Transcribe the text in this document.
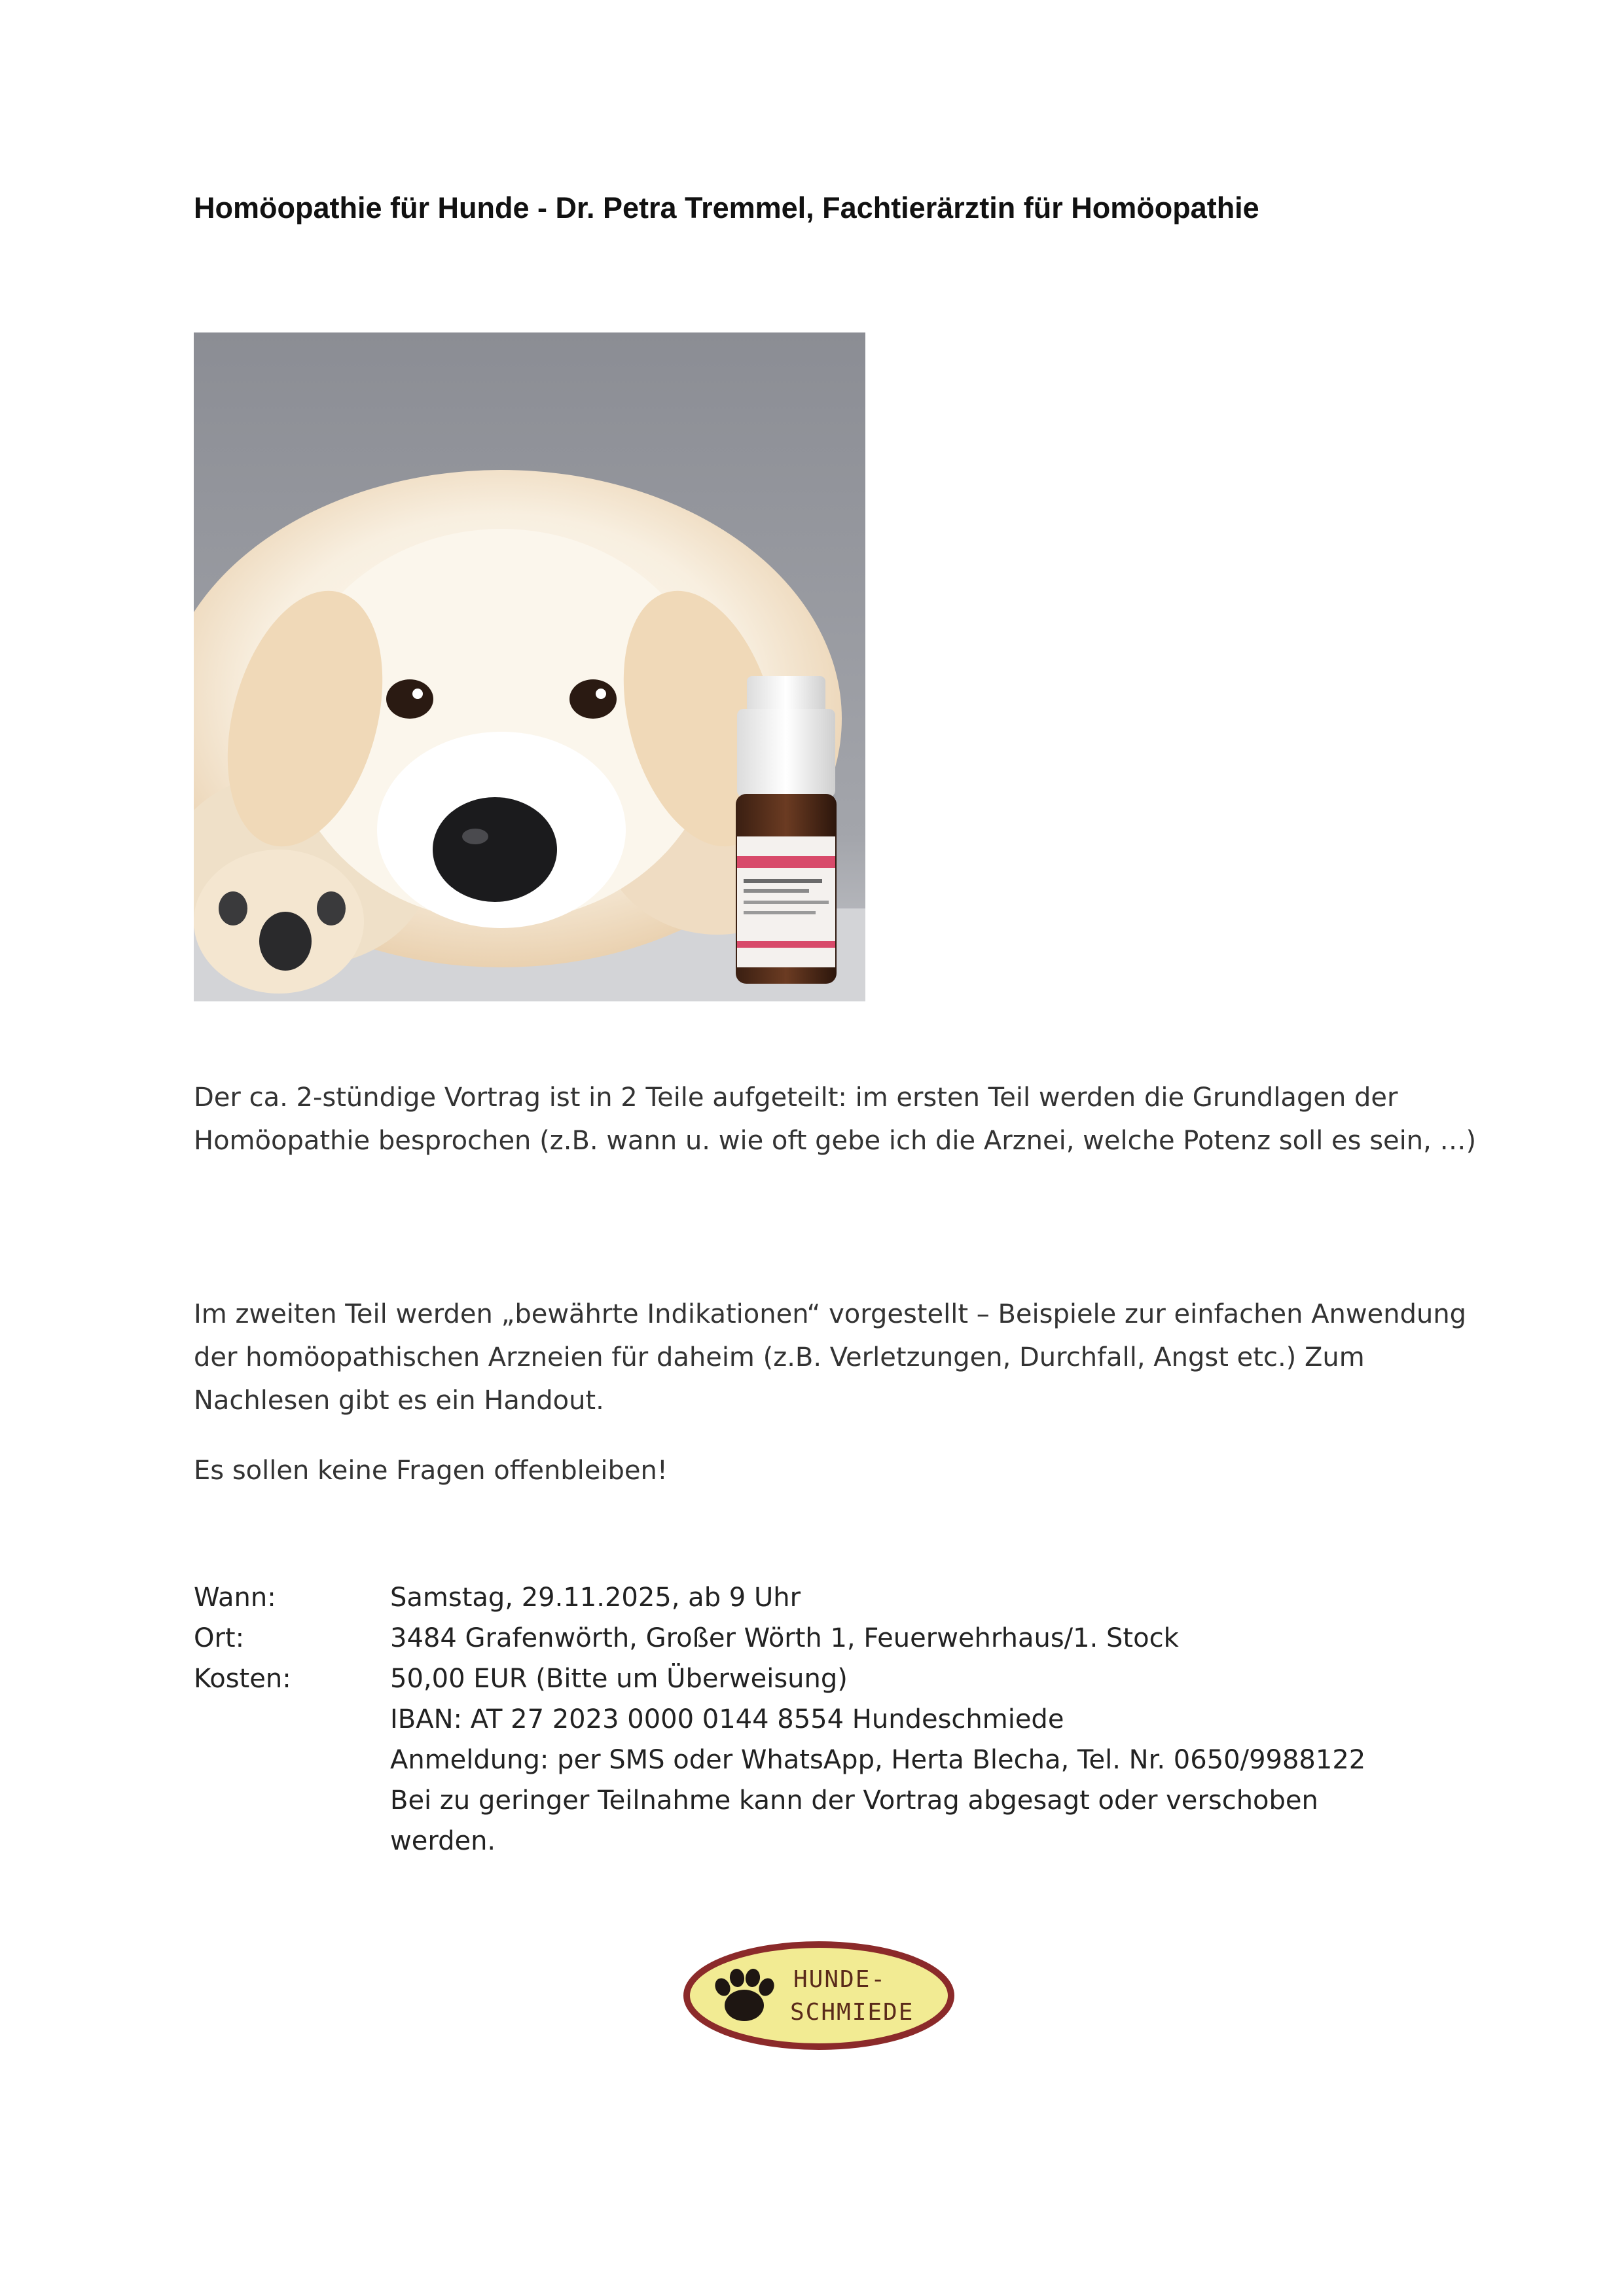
Homöopathie für Hunde - Dr. Petra Tremmel, Fachtierärztin für Homöopathie

Der ca. 2-stündige Vortrag ist in 2 Teile aufgeteilt: im ersten Teil werden die Grundlagen der Homöopathie besprochen (z.B. wann u. wie oft gebe ich die Arznei, welche Potenz soll es sein, …)

Im zweiten Teil werden „bewährte Indikationen“ vorgestellt – Beispiele zur einfachen Anwendung der homöopathischen Arzneien für daheim (z.B. Verletzungen, Durchfall, Angst etc.) Zum Nachlesen gibt es ein Handout.

Es sollen keine Fragen offenbleiben!

Wann:	Samstag, 29.11.2025, ab 9 Uhr
Ort:	3484 Grafenwörth, Großer Wörth 1, Feuerwehrhaus/1. Stock
Kosten:	50,00 EUR (Bitte um Überweisung)
IBAN: AT 27 2023 0000 0144 8554 Hundeschmiede
Anmeldung: per SMS oder WhatsApp, Herta Blecha, Tel. Nr. 0650/9988122
Bei zu geringer Teilnahme kann der Vortrag abgesagt oder verschoben werden.
HUNDE-
SCHMIEDE
